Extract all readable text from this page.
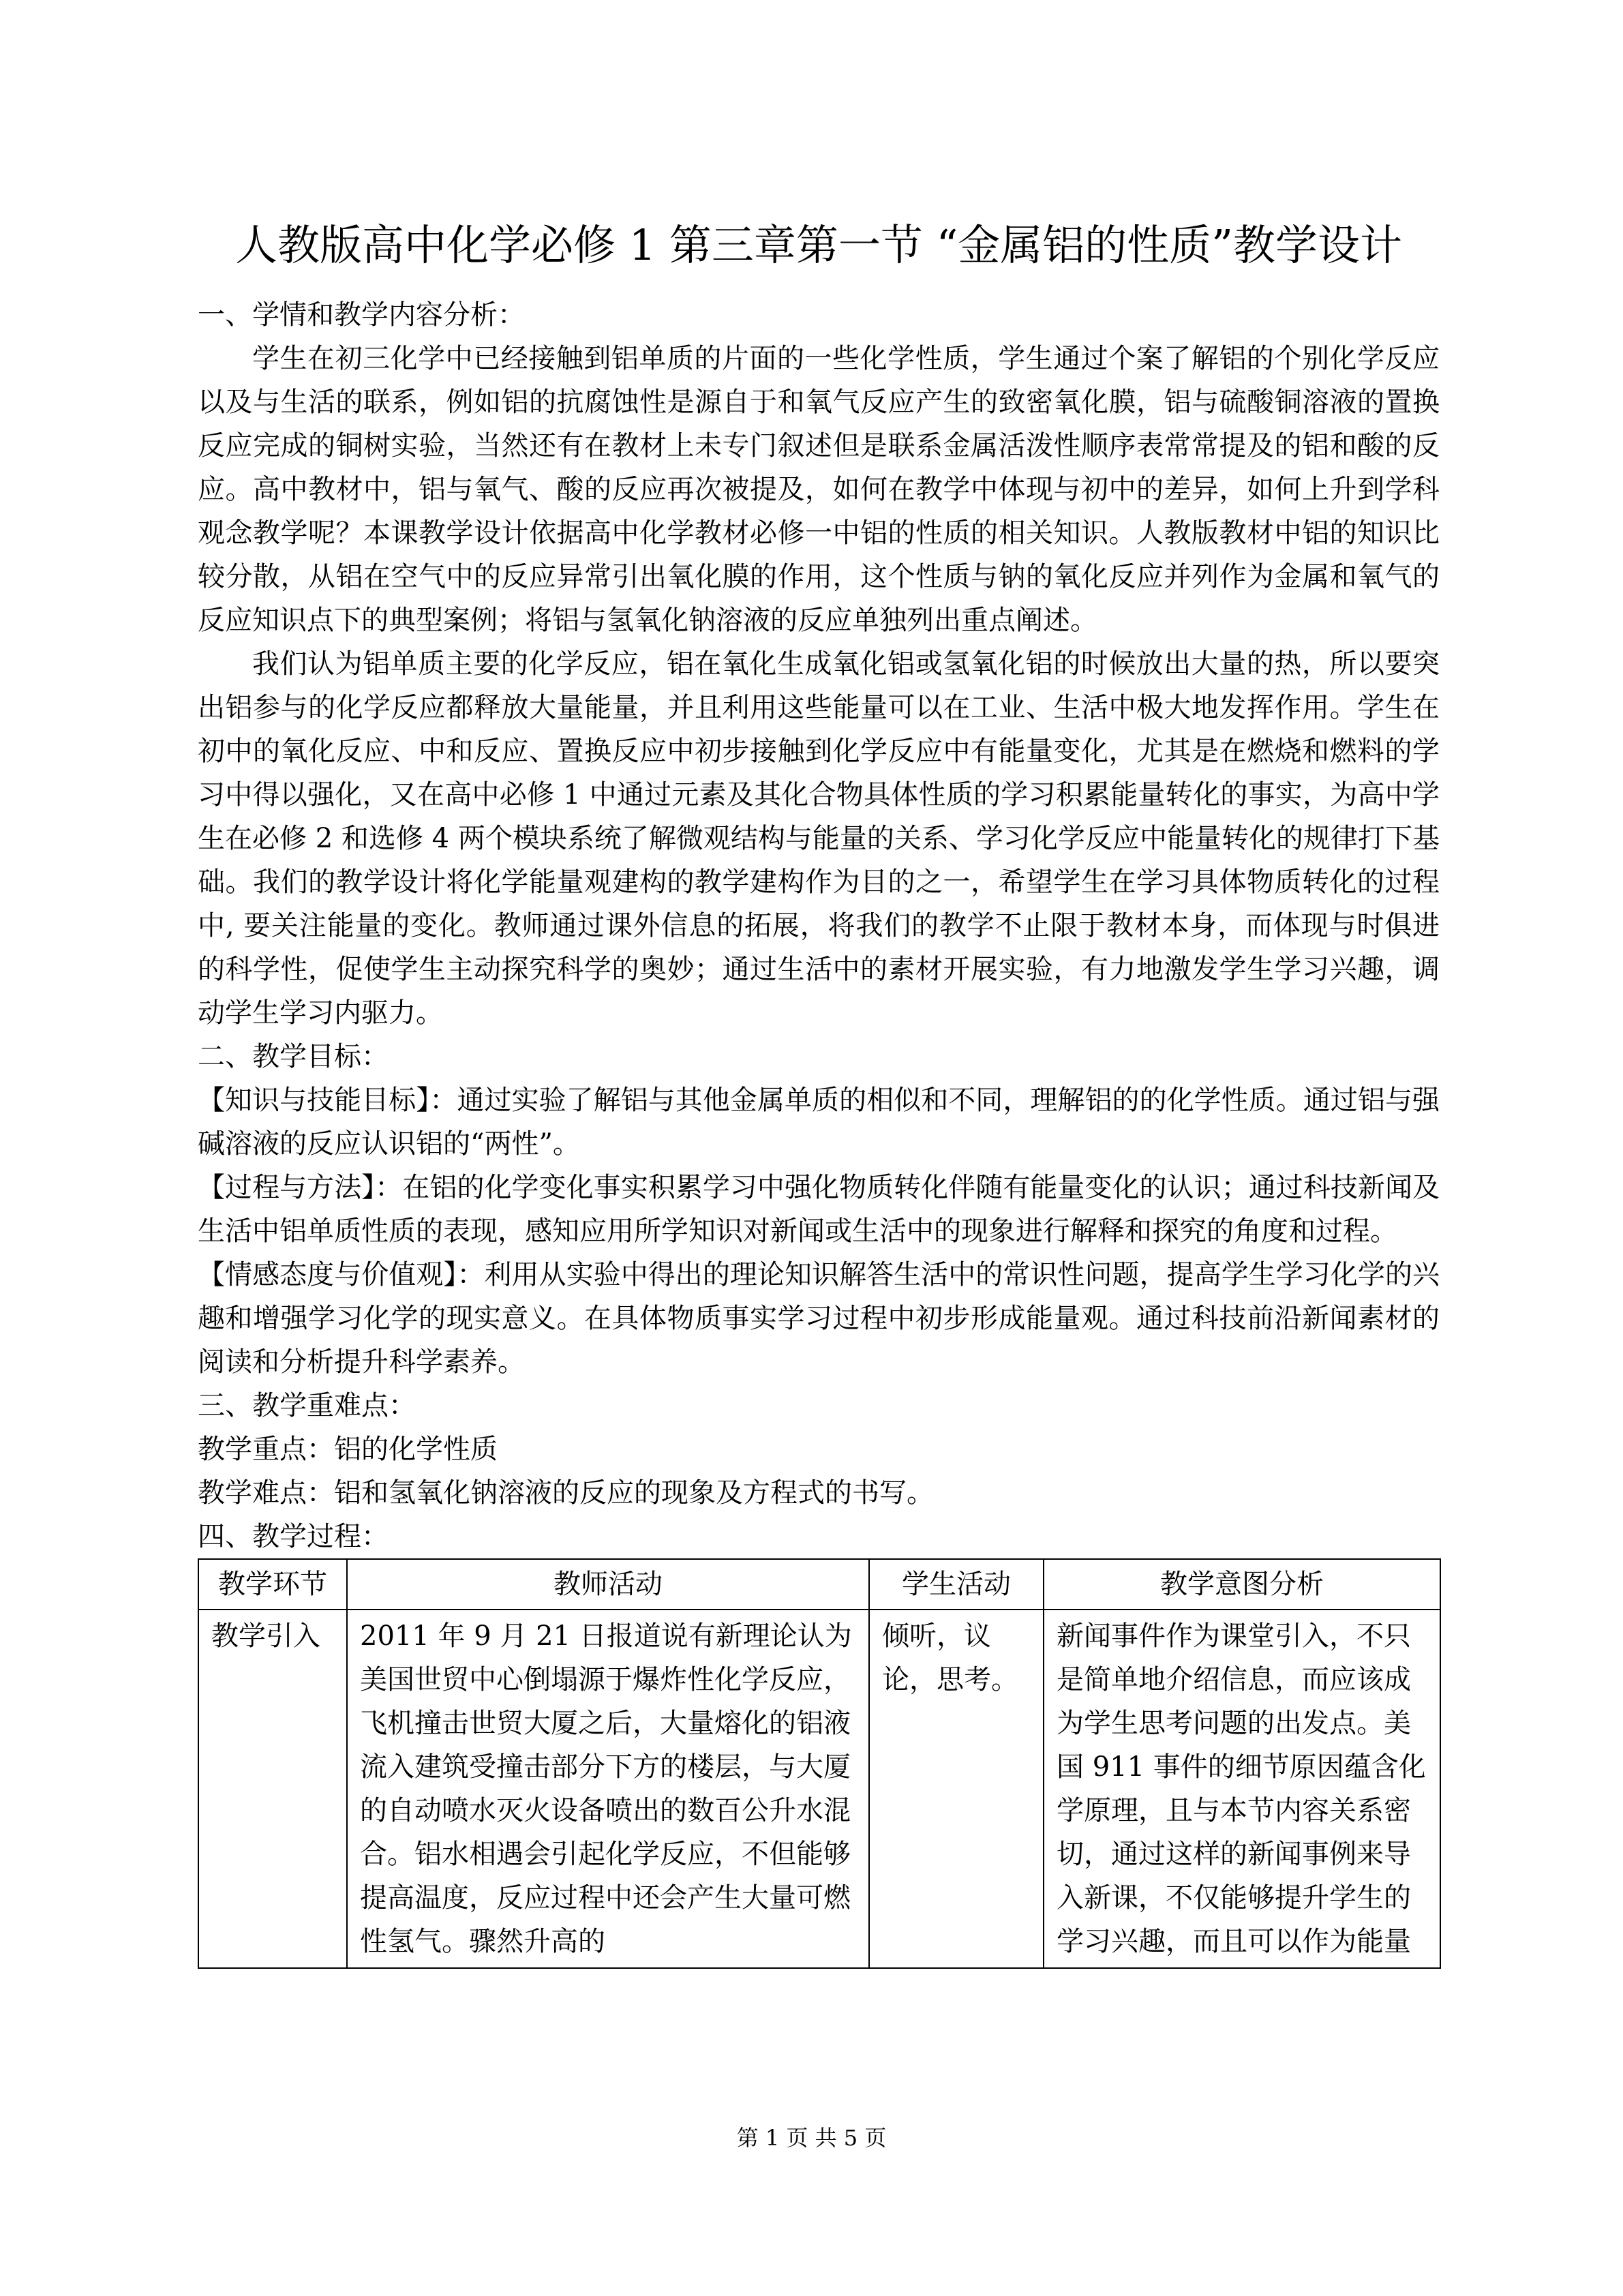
人教版高中化学必修 1 第三章第一节 “金属铝的性质”教学设计

一、学情和教学内容分析：

学生在初三化学中已经接触到铝单质的片面的一些化学性质，学生通过个案了解铝的个别化学反应以及与生活的联系，例如铝的抗腐蚀性是源自于和氧气反应产生的致密氧化膜，铝与硫酸铜溶液的置换反应完成的铜树实验，当然还有在教材上未专门叙述但是联系金属活泼性顺序表常常提及的铝和酸的反应。高中教材中，铝与氧气、酸的反应再次被提及，如何在教学中体现与初中的差异，如何上升到学科观念教学呢？本课教学设计依据高中化学教材必修一中铝的性质的相关知识。人教版教材中铝的知识比较分散，从铝在空气中的反应异常引出氧化膜的作用，这个性质与钠的氧化反应并列作为金属和氧气的反应知识点下的典型案例；将铝与氢氧化钠溶液的反应单独列出重点阐述。

我们认为铝单质主要的化学反应，铝在氧化生成氧化铝或氢氧化铝的时候放出大量的热，所以要突出铝参与的化学反应都释放大量能量，并且利用这些能量可以在工业、生活中极大地发挥作用。学生在初中的氧化反应、中和反应、置换反应中初步接触到化学反应中有能量变化，尤其是在燃烧和燃料的学习中得以强化，又在高中必修 1 中通过元素及其化合物具体性质的学习积累能量转化的事实，为高中学生在必修 2 和选修 4 两个模块系统了解微观结构与能量的关系、学习化学反应中能量转化的规律打下基础。我们的教学设计将化学能量观建构的教学建构作为目的之一，希望学生在学习具体物质转化的过程中, 要关注能量的变化。教师通过课外信息的拓展，将我们的教学不止限于教材本身，而体现与时俱进的科学性，促使学生主动探究科学的奥妙；通过生活中的素材开展实验，有力地激发学生学习兴趣，调动学生学习内驱力。

二、教学目标：

【知识与技能目标】：通过实验了解铝与其他金属单质的相似和不同，理解铝的的化学性质。通过铝与强碱溶液的反应认识铝的“两性”。

【过程与方法】：在铝的化学变化事实积累学习中强化物质转化伴随有能量变化的认识；通过科技新闻及生活中铝单质性质的表现，感知应用所学知识对新闻或生活中的现象进行解释和探究的角度和过程。

【情感态度与价值观】：利用从实验中得出的理论知识解答生活中的常识性问题，提高学生学习化学的兴趣和增强学习化学的现实意义。在具体物质事实学习过程中初步形成能量观。通过科技前沿新闻素材的阅读和分析提升科学素养。

三、教学重难点：

教学重点：铝的化学性质

教学难点：铝和氢氧化钠溶液的反应的现象及方程式的书写。

四、教学过程：

教学环节	教师活动	学生活动	教学意图分析
教学引入	2011 年 9 月 21 日报道说有新理论认为美国世贸中心倒塌源于爆炸性化学反应，飞机撞击世贸大厦之后，大量熔化的铝液流入建筑受撞击部分下方的楼层，与大厦的自动喷水灭火设备喷出的数百公升水混合。铝水相遇会引起化学反应，不但能够提高温度，反应过程中还会产生大量可燃性氢气。骤然升高的	倾听，议论，思考。	新闻事件作为课堂引入，不只是简单地介绍信息，而应该成为学生思考问题的出发点。美国 911 事件的细节原因蕴含化学原理，且与本节内容关系密切，通过这样的新闻事例来导入新课，不仅能够提升学生的学习兴趣，而且可以作为能量
第 1 页 共 5 页
